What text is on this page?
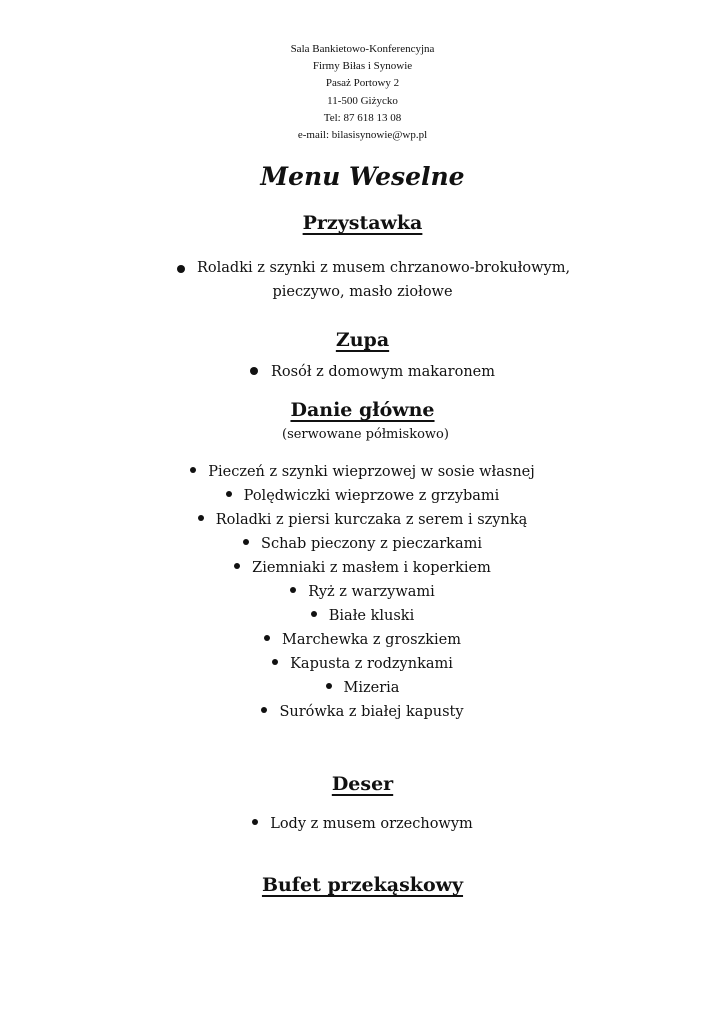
Sala Bankietowo-Konferencyjna
Firmy Biłas i Synowie
Pasaż Portowy 2
11-500 Giżycko
Tel: 87 618 13 08
e-mail: bilasisynowie@wp.pl
Menu Weselne
Przystawka
Roladki z szynki z musem chrzanowo-brokułowym,
pieczywo, masło ziołowe
Zupa
Rosół z domowym makaronem
Danie główne
(serwowane półmiskowo)
Pieczeń z szynki wieprzowej w sosie własnej
Polędwiczki wieprzowe z grzybami
Roladki z piersi kurczaka z serem i szynką
Schab pieczony z pieczarkami
Ziemniaki z masłem i koperkiem
Ryż z warzywami
Białe kluski
Marchewka z groszkiem
Kapusta z rodzynkami
Mizeria
Surówka z białej kapusty
Deser
Lody z musem orzechowym
Bufet przekąskowy
